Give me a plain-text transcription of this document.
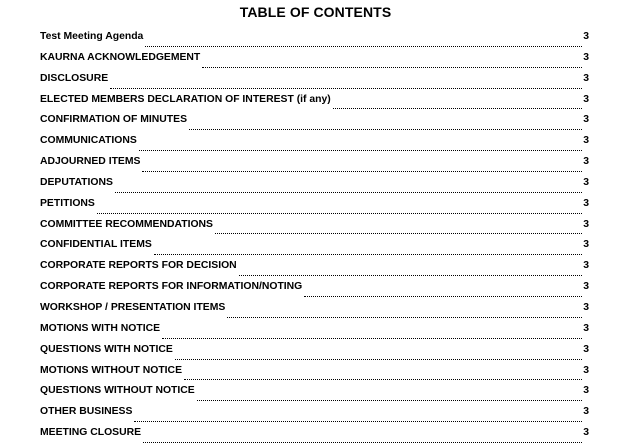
TABLE OF CONTENTS
Test Meeting Agenda	3
KAURNA ACKNOWLEDGEMENT	3
DISCLOSURE	3
ELECTED MEMBERS DECLARATION OF INTEREST (if any)	3
CONFIRMATION OF MINUTES	3
COMMUNICATIONS	3
ADJOURNED ITEMS	3
DEPUTATIONS	3
PETITIONS	3
COMMITTEE RECOMMENDATIONS	3
CONFIDENTIAL ITEMS	3
CORPORATE REPORTS FOR DECISION	3
CORPORATE REPORTS FOR INFORMATION/NOTING	3
WORKSHOP / PRESENTATION ITEMS	3
MOTIONS WITH NOTICE	3
QUESTIONS WITH NOTICE	3
MOTIONS WITHOUT NOTICE	3
QUESTIONS WITHOUT NOTICE	3
OTHER BUSINESS	3
MEETING CLOSURE	3
